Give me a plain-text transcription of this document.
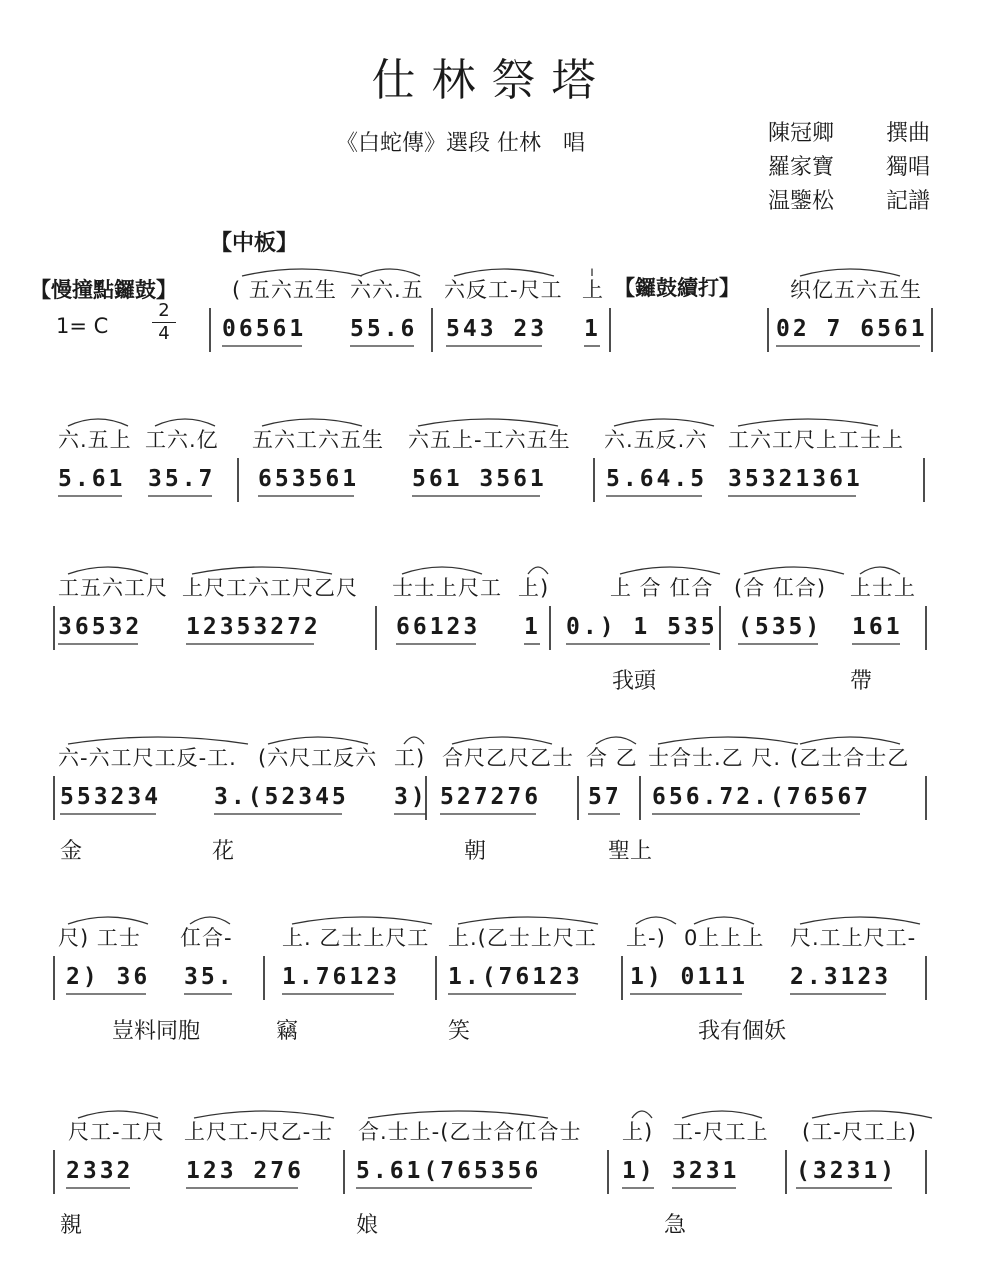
仕林祭塔
《白蛇傳》選段 仕林　唱	陳冠卿 撰曲
羅家寶 獨唱
温鑒松 記譜
【中板】
【慢撞點鑼鼓】	【鑼鼓續打】
1= C $\frac{2}{4}$
( 五六五生 六六.五 六反工-尺工 上	织亿五六五生
06561 55.6 543 23 1	02 7 6561
六.五上 工六.亿 五六工六五生 六五上-工六五生 六.五反.六 工六工尺上工士上
5.61 35.7 653561 561 3561	5.64.5 35321361
工五六工尺 上尺工六工尺乙尺 士士上尺工 上)	上 合 仜合 (合 仜合) 上士上
36532 12353272	66123 1 0.) 1 535 (535) 161
我頭	帶
六-六工尺工反-工. (六尺工反六 工) 合尺乙尺乙士 合 乙 士合士.乙 尺. (乙士合士乙
553234 3.(52345 3) 527276 57 656.72.(76567
金	花	朝	聖上
尺) 工士 仜合- 上. 乙士上尺工 上.(乙士上尺工 上-) 0上上上 尺.工上尺工-
2) 36 35. 1.76123 1.(76123 1) 0111 2.3123
豈料同胞	竊	笑	我有個妖
尺工-工尺 上尺工-尺乙-士 合.士上-(乙士合仜合士 上) 工-尺工上 (工-尺工上)
2332 123 276 5.61(765356	1) 3231 (3231)
親	娘	急
